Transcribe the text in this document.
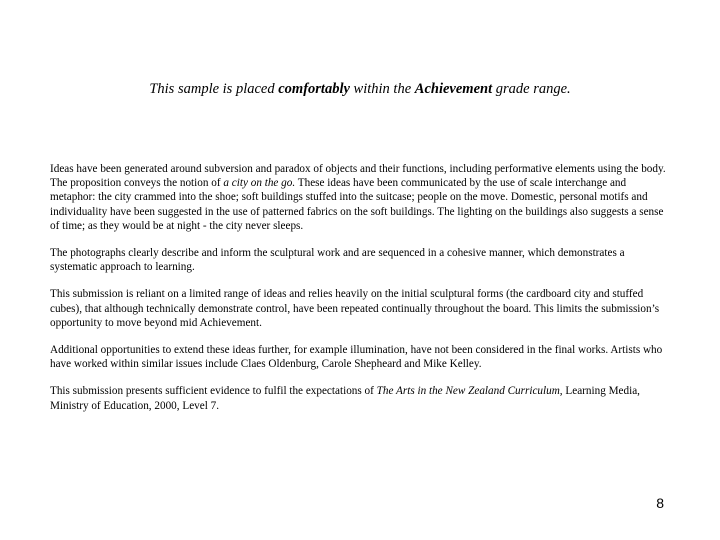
This sample is placed comfortably within the Achievement grade range.

Ideas have been generated around subversion and paradox of objects and their functions, including performative elements using the body. The proposition conveys the notion of a city on the go. These ideas have been communicated by the use of scale interchange and metaphor: the city crammed into the shoe; soft buildings stuffed into the suitcase; people on the move. Domestic, personal motifs and individuality have been suggested in the use of patterned fabrics on the soft buildings. The lighting on the buildings also suggests a sense of time; as they would be at night - the city never sleeps.

The photographs clearly describe and inform the sculptural work and are sequenced in a cohesive manner, which demonstrates a systematic approach to learning.

This submission is reliant on a limited range of ideas and relies heavily on the initial sculptural forms (the cardboard city and stuffed cubes), that although technically demonstrate control, have been repeated continually throughout the board. This limits the submission’s opportunity to move beyond mid Achievement.

Additional opportunities to extend these ideas further, for example illumination, have not been considered in the final works. Artists who have worked within similar issues include Claes Oldenburg, Carole Shepheard and Mike Kelley.

This submission presents sufficient evidence to fulfil the expectations of The Arts in the New Zealand Curriculum, Learning Media, Ministry of Education, 2000, Level 7.

8
